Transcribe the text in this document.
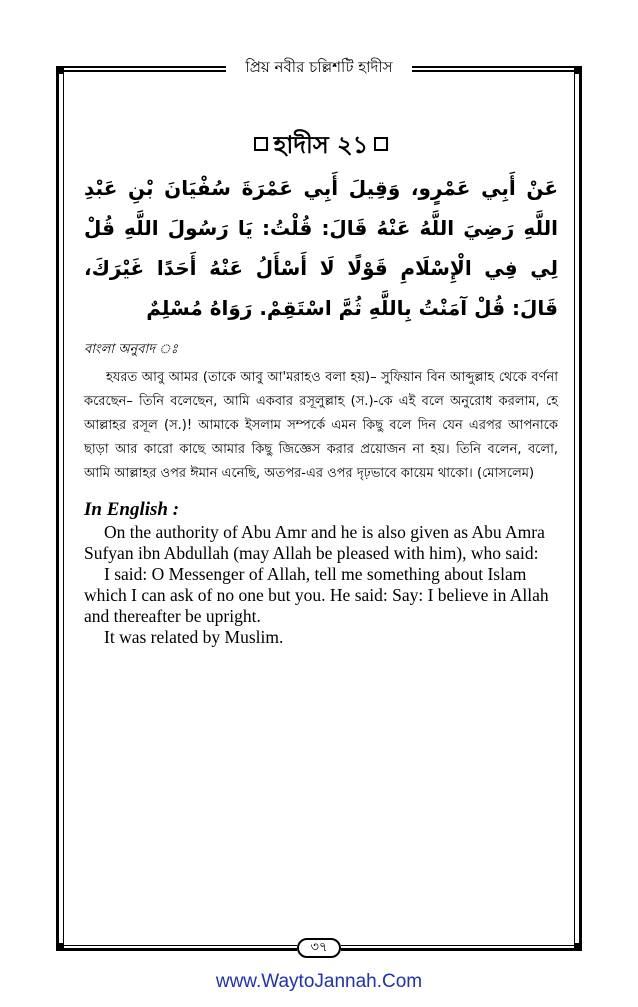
প্রিয় নবীর চল্লিশটি হাদীস
৩৭
হাদীস ২১
عَنْ أَبِي عَمْرٍو، وَقِيلَ أَبِي عَمْرَةَ سُفْيَانَ بْنِ عَبْدِ اللَّهِ رَضِيَ اللَّهُ عَنْهُ قَالَ: قُلْتُ: يَا رَسُولَ اللَّهِ قُلْ لِي فِي الْإِسْلَامِ قَوْلًا لَا أَسْأَلُ عَنْهُ أَحَدًا غَيْرَكَ، قَالَ: قُلْ آمَنْتُ بِاللَّهِ ثُمَّ اسْتَقِمْ. رَوَاهُ مُسْلِمٌ
বাংলা অনুবাদ ঃ
হযরত আবু আমর (তাকে আবু আ'মরাহও বলা হয়)– সুফিয়ান বিন আব্দুল্লাহ থেকে বর্ণনা করেছেন– তিনি বলেছেন, আমি একবার রসূলুল্লাহ (স.)-কে এই বলে অনুরোধ করলাম, হে আল্লাহর রসূল (স.)! আমাকে ইসলাম সম্পর্কে এমন কিছু বলে দিন যেন এরপর আপনাকে ছাড়া আর কারো কাছে আমার কিছু জিজ্ঞেস করার প্রয়োজন না হয়। তিনি বলেন, বলো, আমি আল্লাহর ওপর ঈমান এনেছি, অতপর-এর ওপর দৃঢ়ভাবে কায়েম থাকো। (মোসলেম)
In English :

On the authority of Abu Amr and he is also given as Abu Amra Sufyan ibn Abdullah (may Allah be pleased with him), who said:

I said: O Messenger of Allah, tell me something about Islam which I can ask of no one but you. He said: Say: I believe in Allah and thereafter be upright.

It was related by Muslim.

www.WaytoJannah.Com
